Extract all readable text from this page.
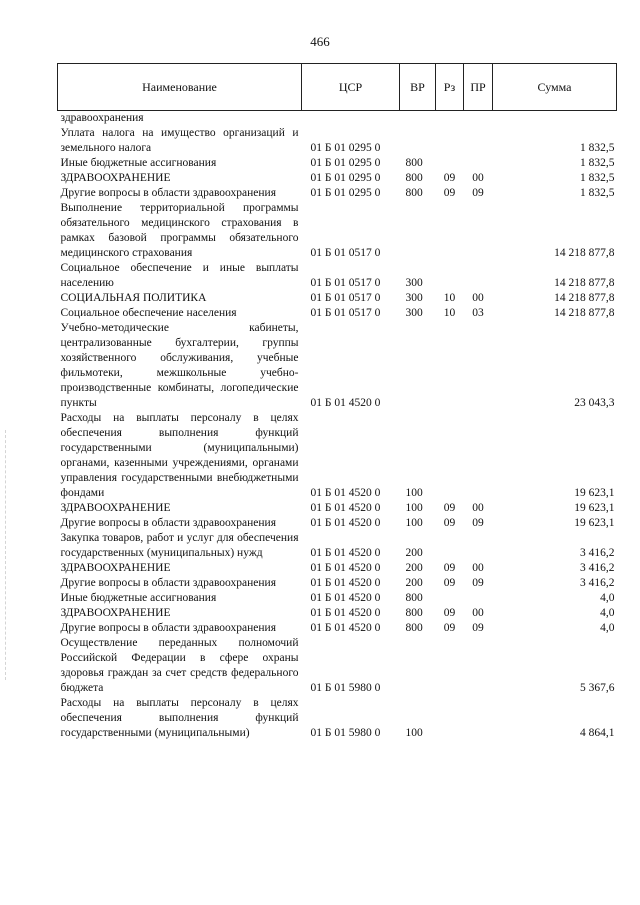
466
Наименование	ЦСР	ВР	Рз	ПР	Сумма
здравоохранения					
Уплата налога на имущество организаций и земельного налога	01 Б 01 0295 0				1 832,5
Иные бюджетные ассигнования	01 Б 01 0295 0	800			1 832,5
ЗДРАВООХРАНЕНИЕ	01 Б 01 0295 0	800	09	00	1 832,5
Другие вопросы в области здравоохранения	01 Б 01 0295 0	800	09	09	1 832,5
Выполнение территориальной программы обязательного медицинского страхования в рамках базовой программы обязательного медицинского страхования	01 Б 01 0517 0				14 218 877,8
Социальное обеспечение и иные выплаты населению	01 Б 01 0517 0	300			14 218 877,8
СОЦИАЛЬНАЯ ПОЛИТИКА	01 Б 01 0517 0	300	10	00	14 218 877,8
Социальное обеспечение населения	01 Б 01 0517 0	300	10	03	14 218 877,8
Учебно-методические кабинеты, централизованные бухгалтерии, группы хозяйственного обслуживания, учебные фильмотеки, межшкольные учебно-производственные комбинаты, логопедические пункты	01 Б 01 4520 0				23 043,3
Расходы на выплаты персоналу в целях обеспечения выполнения функций государственными (муниципальными) органами, казенными учреждениями, органами управления государственными внебюджетными фондами	01 Б 01 4520 0	100			19 623,1
ЗДРАВООХРАНЕНИЕ	01 Б 01 4520 0	100	09	00	19 623,1
Другие вопросы в области здравоохранения	01 Б 01 4520 0	100	09	09	19 623,1
Закупка товаров, работ и услуг для обеспечения государственных (муниципальных) нужд	01 Б 01 4520 0	200			3 416,2
ЗДРАВООХРАНЕНИЕ	01 Б 01 4520 0	200	09	00	3 416,2
Другие вопросы в области здравоохранения	01 Б 01 4520 0	200	09	09	3 416,2
Иные бюджетные ассигнования	01 Б 01 4520 0	800			4,0
ЗДРАВООХРАНЕНИЕ	01 Б 01 4520 0	800	09	00	4,0
Другие вопросы в области здравоохранения	01 Б 01 4520 0	800	09	09	4,0
Осуществление переданных полномочий Российской Федерации в сфере охраны здоровья граждан за счет средств федерального бюджета	01 Б 01 5980 0				5 367,6
Расходы на выплаты персоналу в целях обеспечения выполнения функций государственными (муниципальными)	01 Б 01 5980 0	100			4 864,1
